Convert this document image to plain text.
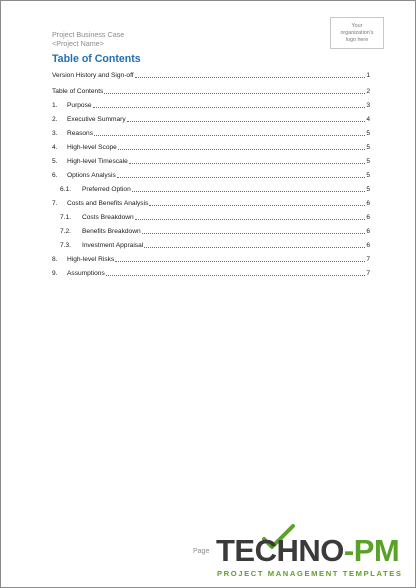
Project Business Case
<Project Name>
Your
organization's
logo here
Table of Contents
Version History and Sign-off	1
Table of Contents	2
1.	Purpose	3
2.	Executive Summary	4
3.	Reasons	5
4.	High-level Scope	5
5.	High-level Timescale	5
6.	Options Analysis	5
6.1.	Preferred Option	5
7.	Costs and Benefits Analysis	6
7.1.	Costs Breakdown	6
7.2.	Benefits Breakdown	6
7.3.	Investment Appraisal	6
8.	High-level Risks	7
9.	Assumptions	7
Page TECHNO-PM
PROJECT MANAGEMENT TEMPLATES
